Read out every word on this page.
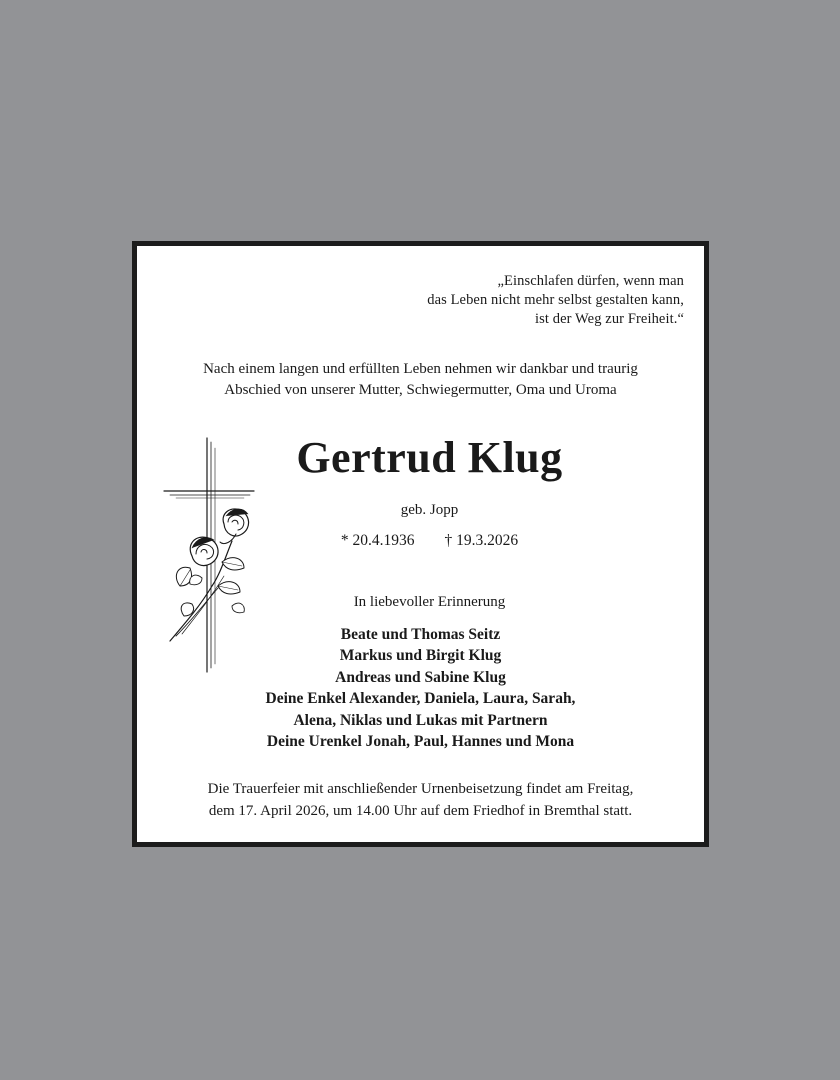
„Einschlafen dürfen, wenn man
das Leben nicht mehr selbst gestalten kann,
ist der Weg zur Freiheit.“
Nach einem langen und erfüllten Leben nehmen wir dankbar und traurig
Abschied von unserer Mutter, Schwiegermutter, Oma und Uroma
Gertrud Klug
geb. Jopp
* 20.4.1936 † 19.3.2026
In liebevoller Erinnerung
Beate und Thomas Seitz
Markus und Birgit Klug
Andreas und Sabine Klug
Deine Enkel Alexander, Daniela, Laura, Sarah,
Alena, Niklas und Lukas mit Partnern
Deine Urenkel Jonah, Paul, Hannes und Mona
Die Trauerfeier mit anschließender Urnenbeisetzung findet am Freitag,
dem 17. April 2026, um 14.00 Uhr auf dem Friedhof in Bremthal statt.
